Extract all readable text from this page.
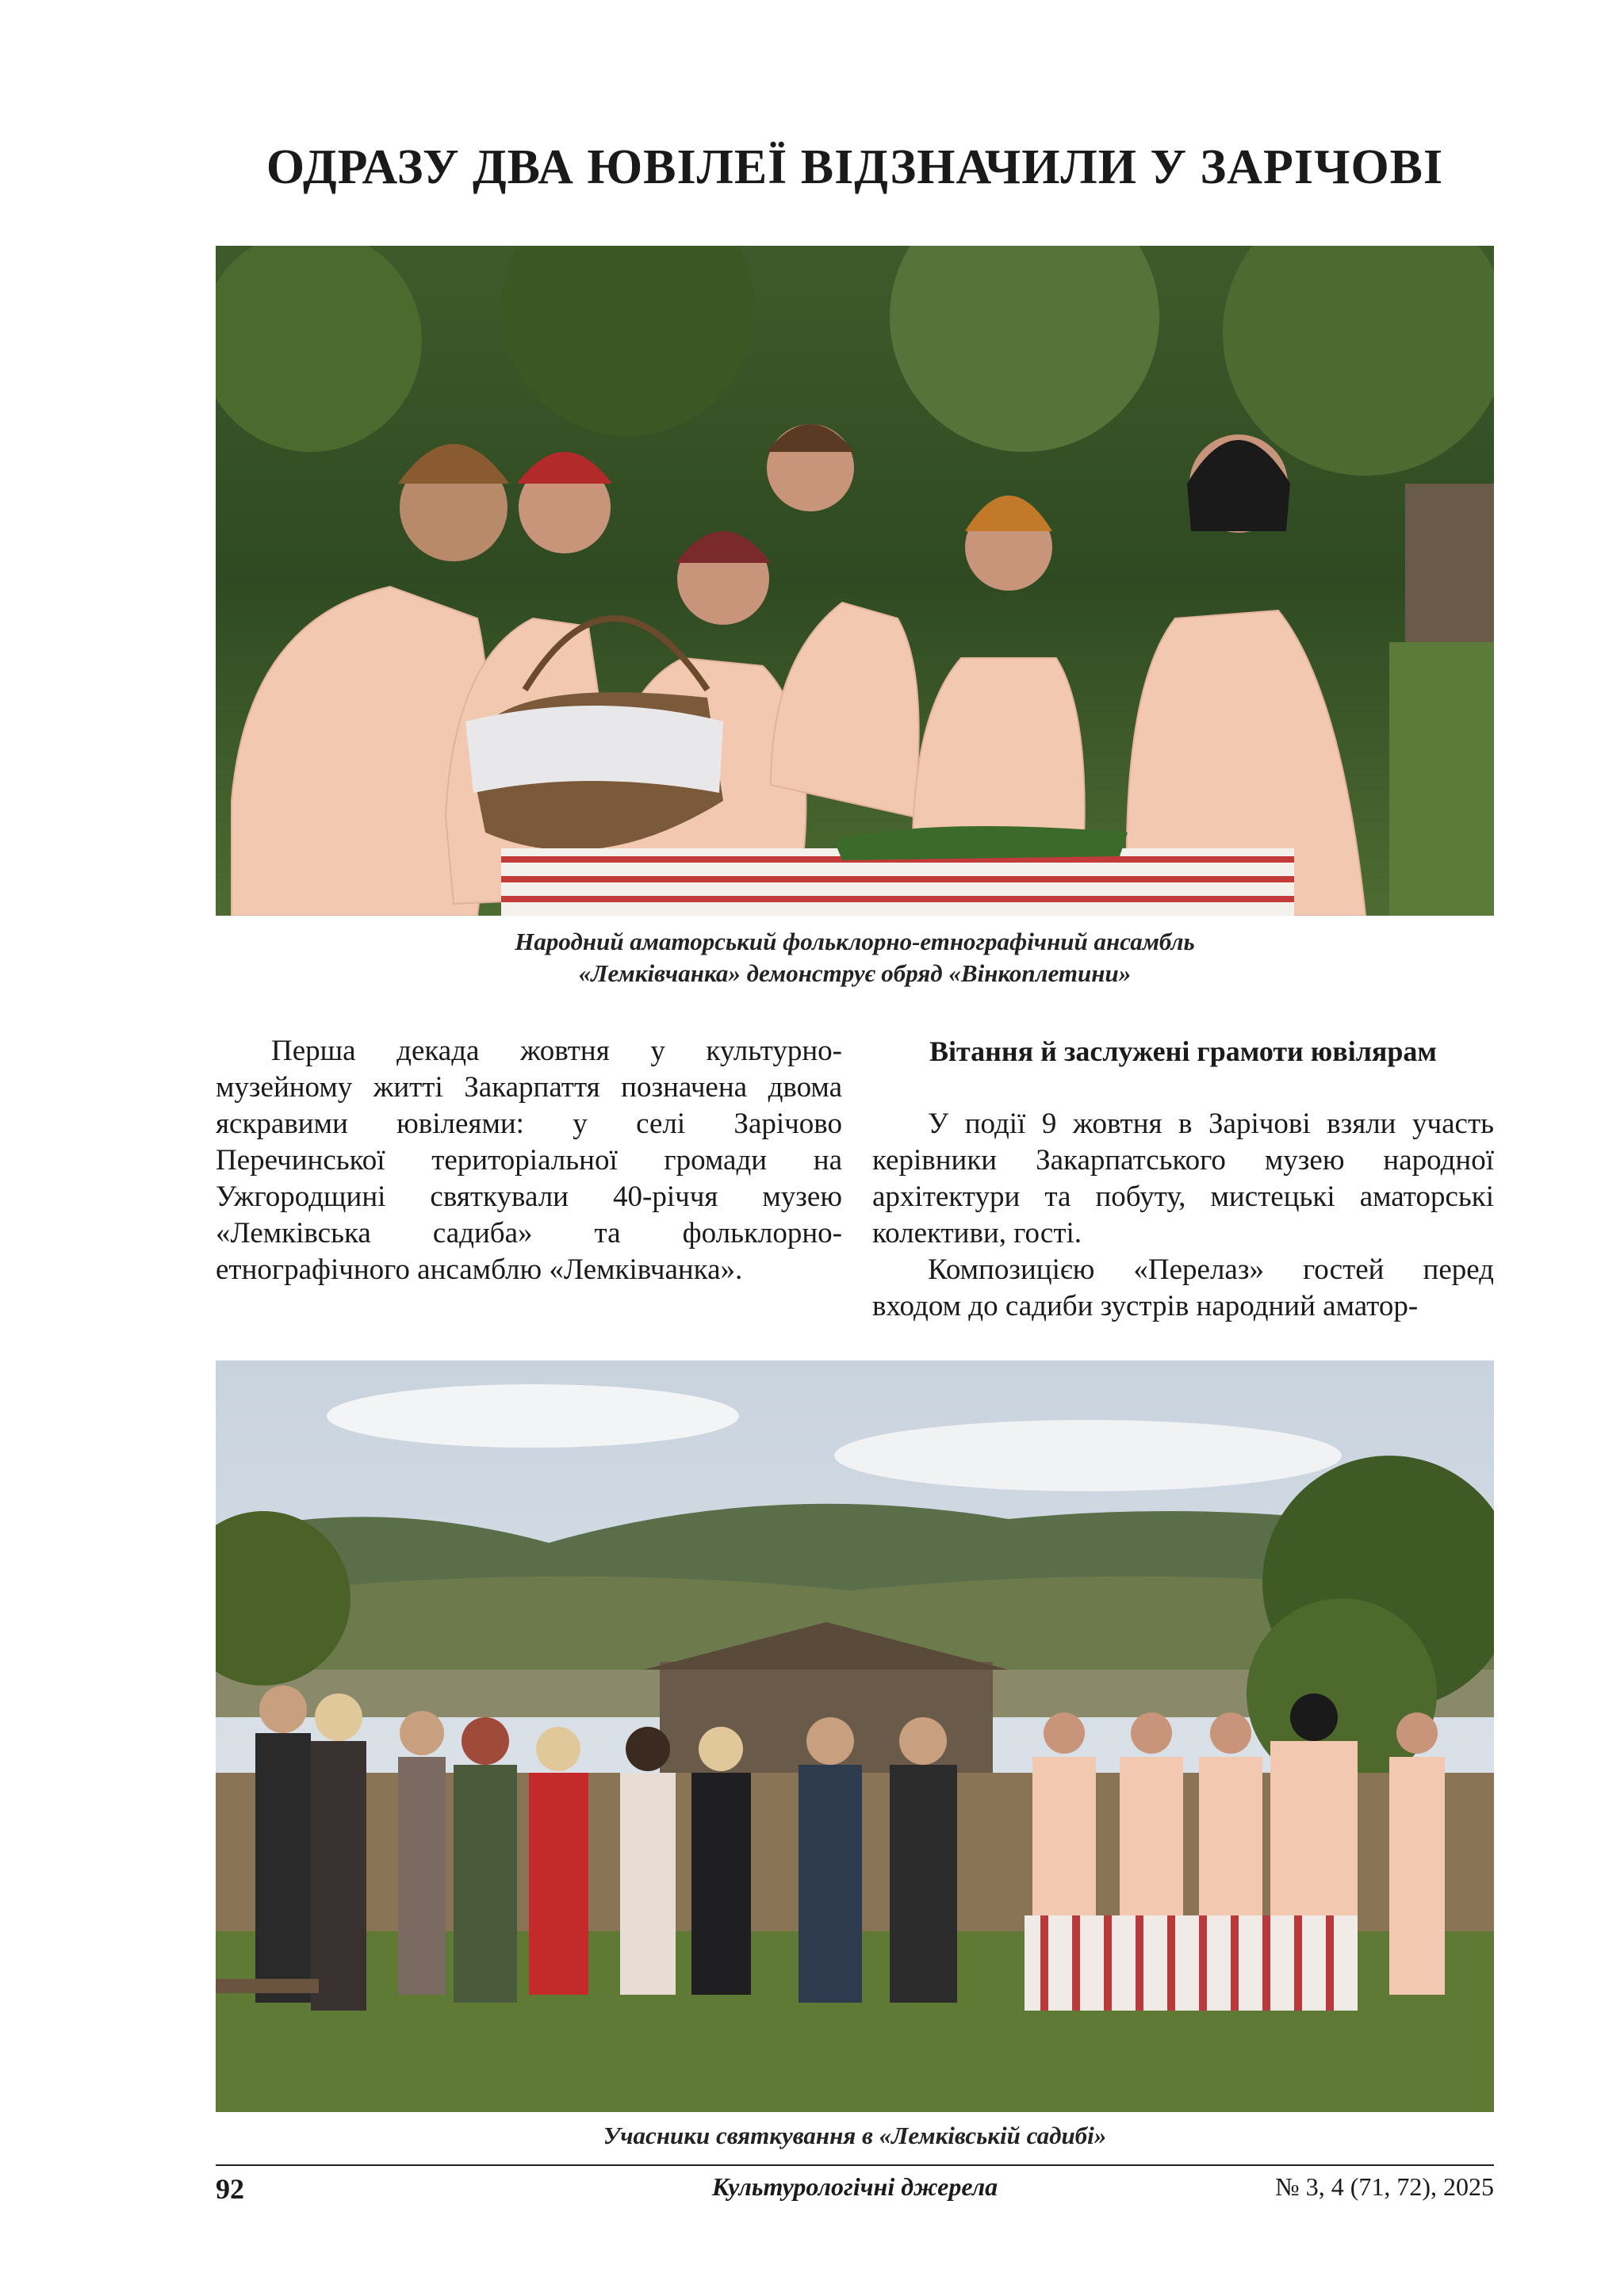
ОДРАЗУ ДВА ЮВІЛЕЇ ВІДЗНАЧИЛИ У ЗАРІЧОВІ
Народний аматорський фольклорно-етнографічний ансамбль
«Лемківчанка» демонструє обряд «Вінкоплетини»

Перша декада жовтня у культурно-музейному житті Закарпаття позначена двома яскравими ювілеями: у селі Зарічово Перечинської територіальної громади на Ужгородщині святкували 40-річчя музею «Лемківська садиба» та фольклорно-етнографічного ансамблю «Лемківчанка».

Вітання й заслужені грамоти ювілярам

У події 9 жовтня в Зарічові взяли участь керівники Закарпатського музею народної архітектури та побуту, мистецькі аматорські колективи, гості.

Композицією «Перелаз» гостей перед входом до садиби зустрів народний аматор-

Учасники святкування в «Лемківській садибі»
92	Культурологічні джерела	№ 3, 4 (71, 72), 2025
